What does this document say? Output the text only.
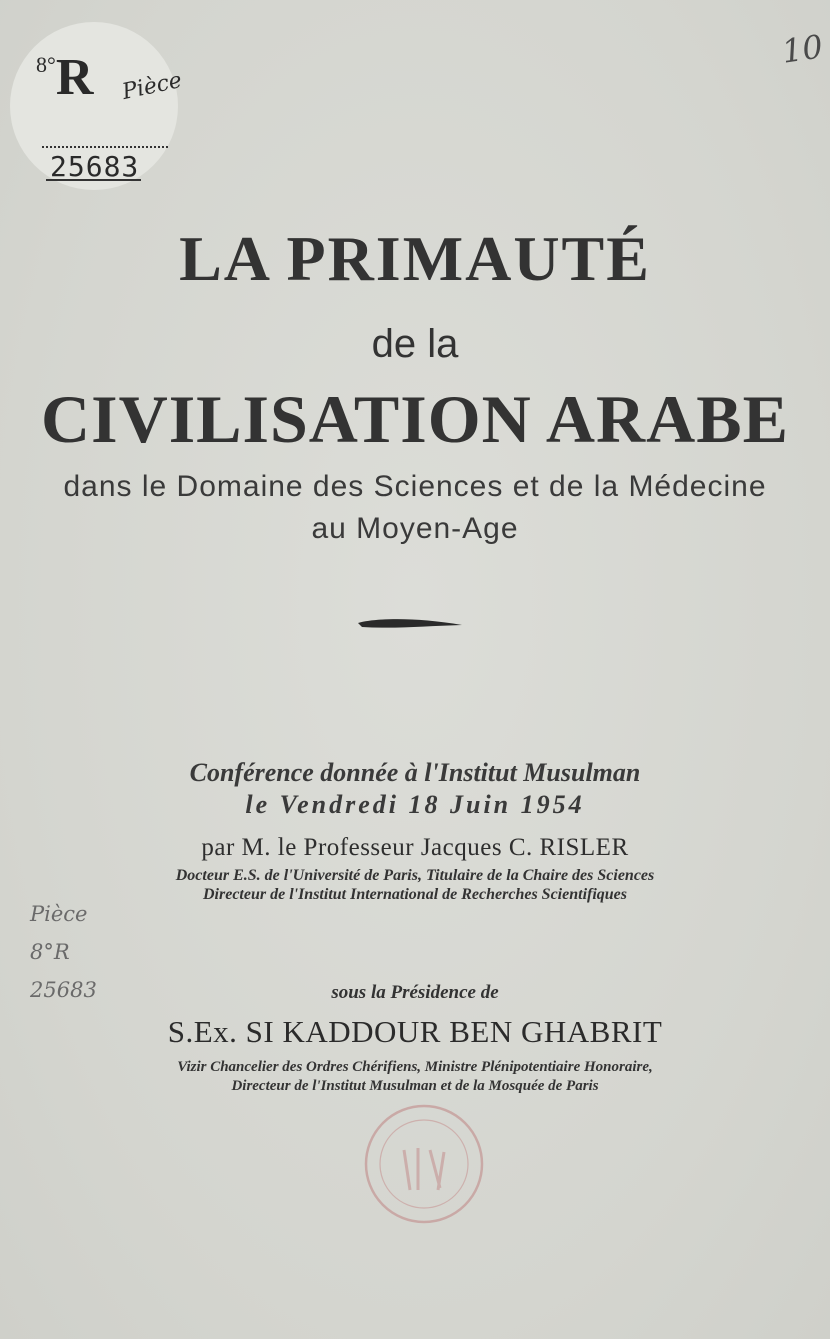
$^{8^\circ}$R Pièce
25683
10
LA PRIMAUTÉ
de la
CIVILISATION ARABE
dans le Domaine des Sciences et de la Médecine
au Moyen-Age
Conférence donnée à l'Institut Musulman
le Vendredi 18 Juin 1954
par M. le Professeur Jacques C. RISLER
Docteur E.S. de l'Université de Paris, Titulaire de la Chaire des Sciences
Directeur de l'Institut International de Recherches Scientifiques
sous la Présidence de
S.Ex. SI KADDOUR BEN GHABRIT
Vizir Chancelier des Ordres Chérifiens, Ministre Plénipotentiaire Honoraire,
Directeur de l'Institut Musulman et de la Mosquée de Paris
Pièce
8°R
25683
